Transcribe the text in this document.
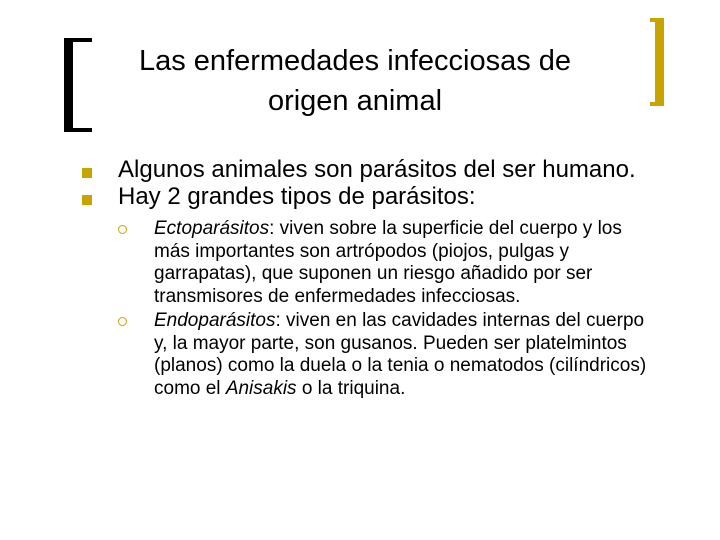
Las enfermedades infecciosas de origen animal
Algunos animales son parásitos del ser humano.
Hay 2 grandes tipos de parásitos:
Ectoparásitos: viven sobre la superficie del cuerpo y los más importantes son artrópodos (piojos, pulgas y garrapatas), que suponen un riesgo añadido por ser transmisores de enfermedades infecciosas.
Endoparásitos: viven en las cavidades internas del cuerpo y, la mayor parte, son gusanos. Pueden ser platelmintos (planos) como la duela o la tenia o nematodos (cilíndricos) como el Anisakis o la triquina.
